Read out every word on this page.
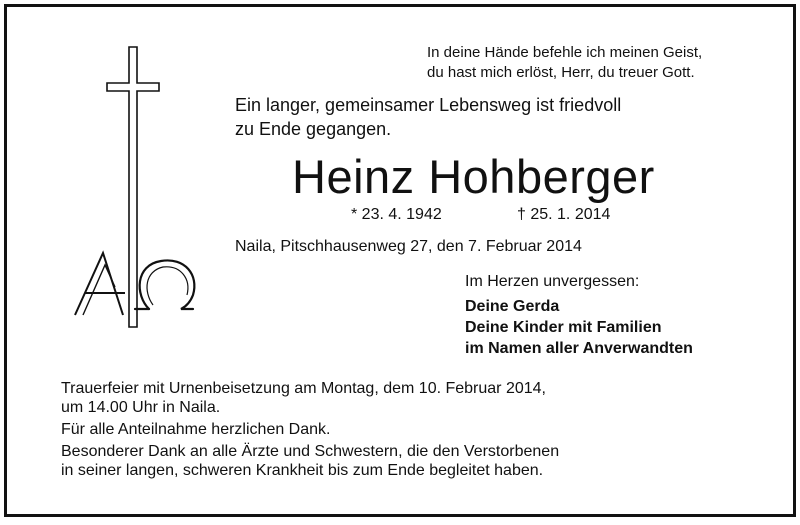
In deine Hände befehle ich meinen Geist,
du hast mich erlöst, Herr, du treuer Gott.
Ein langer, gemeinsamer Lebensweg ist friedvoll
zu Ende gegangen.
Heinz Hohberger
* 23. 4. 1942	† 25. 1. 2014
Naila, Pitschhausenweg 27, den 7. Februar 2014
Im Herzen unvergessen:
Deine Gerda
Deine Kinder mit Familien
im Namen aller Anverwandten
Trauerfeier mit Urnenbeisetzung am Montag, dem 10. Februar 2014,
um 14.00 Uhr in Naila.
Für alle Anteilnahme herzlichen Dank.
Besonderer Dank an alle Ärzte und Schwestern, die den Verstorbenen
in seiner langen, schweren Krankheit bis zum Ende begleitet haben.
